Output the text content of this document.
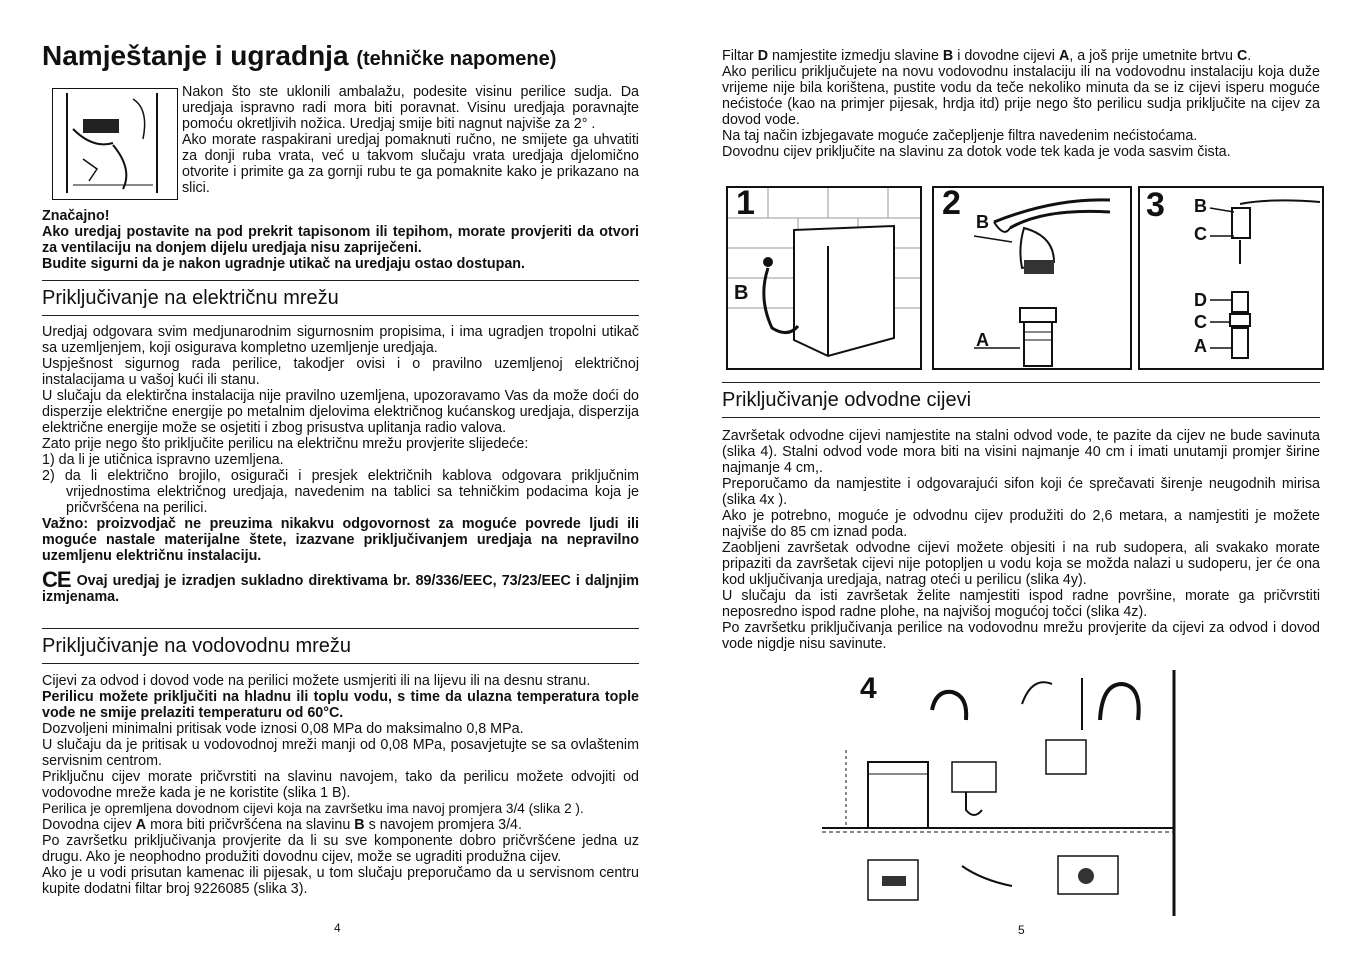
Namještanje i ugradnja (tehničke napomene)

Nakon što ste uklonili ambalažu, podesite visinu perilice sudja. Da uredjaja ispravno radi mora biti poravnat. Visinu uredjaja poravnajte pomoću okretljivih nožica. Uredjaj smije biti nagnut najviše za 2° .

Ako morate raspakirani uredjaj pomaknuti ručno, ne smijete ga uhvatiti za donji ruba vrata, već u takvom slučaju vrata uredjaja djelomično otvorite i primite ga za gornji rubu te ga pomaknite kako je prikazano na slici.

Značajno!

Ako uredjaj postavite na pod prekrit tapisonom ili tepihom, morate provjeriti da otvori za ventilaciju na donjem dijelu uredjaja nisu zapriječeni.

Budite sigurni da je nakon ugradnje utikač na uredjaju ostao dostupan.

Priključivanje na električnu mrežu

Uredjaj odgovara svim medjunarodnim sigurnosnim propisima, i ima ugradjen tropolni utikač sa uzemljenjem, koji osigurava kompletno uzemljenje uredjaja.

Uspješnost sigurnog rada perilice, takodjer ovisi i o pravilno uzemljenoj električnoj instalacijama u vašoj kući ili stanu.

U slučaju da elektirčna instalacija nije pravilno uzemljena, upozoravamo Vas da može doći do disperzije električne energije po metalnim djelovima električnog kućanskog uredjaja, disperzija električne energije može se osjetiti i zbog prisustva uplitanja radio valova.

Zato prije nego što priključite perilicu na električnu mrežu provjerite slijedeće:

1) da li je utičnica ispravno uzemljena.
2) da li električno brojilo, osigurači i presjek električnih kablova odgovara priključnim vrijednostima električnog uredjaja, navedenim na tablici sa tehničkim podacima koja je pričvršćena na perilici.

Važno: proizvodjač ne preuzima nikakvu odgovornost za moguće povrede ljudi ili moguće nastale materijalne štete, izazvane priključivanjem uredjaja na nepravilno uzemljenu električnu instalaciju.

CE Ovaj uredjaj je izradjen sukladno direktivama br. 89/336/EEC, 73/23/EEC i daljnjim izmjenama.

Priključivanje na vodovodnu mrežu

Cijevi za odvod i dovod vode na perilici možete usmjeriti ili na lijevu ili na desnu stranu.

Perilicu možete priključiti na hladnu ili toplu vodu, s time da ulazna temperatura tople vode ne smije prelaziti temperaturu od 60°C.

Dozvoljeni minimalni pritisak vode iznosi 0,08 MPa do maksimalno 0,8 MPa.

U slučaju da je pritisak u vodovodnoj mreži manji od 0,08 MPa, posavjetujte se sa ovlaštenim servisnim centrom.

Priključnu cijev morate pričvrstiti na slavinu navojem, tako da perilicu možete odvojiti od vodovodne mreže kada je ne koristite (slika 1 B).

Perilica je opremljena dovodnom cijevi koja na završetku ima navoj promjera 3/4 (slika 2 ).

Dovodna cijev A mora biti pričvršćena na slavinu B s navojem promjera 3/4.

Po završetku priključivanja provjerite da li su sve komponente dobro pričvršćene jedna uz drugu. Ako je neophodno produžiti dovodnu cijev, može se ugraditi produžna cijev.

Ako je u vodi prisutan kamenac ili pijesak, u tom slučaju preporučamo da u servisnom centru kupite dodatni filtar broj 9226085 (slika 3).

4

Filtar D namjestite izmedju slavine B i dovodne cijevi A, a još prije umetnite brtvu C.

Ako perilicu priključujete na novu vodovodnu instalaciju ili na vodovodnu instalaciju koja duže vrijeme nije bila korištena, pustite vodu da teče nekoliko minuta da se iz cijevi isperu moguće nećistoće (kao na primjer pijesak, hrdja itd) prije nego što perilicu sudja priključite na cijev za dovod vode.

Na taj način izbjegavate moguće začepljenje filtra navedenim nećistoćama.

Dovodnu cijev priključite na slavinu za dotok vode tek kada je voda sasvim čista.

1
B
2 B
A
3 B
C
D
C
A
Priključivanje odvodne cijevi

Završetak odvodne cijevi namjestite na stalni odvod vode, te pazite da cijev ne bude savinuta (slika 4). Stalni odvod vode mora biti na visini najmanje 40 cm i imati unutamji promjer širine najmanje 4 cm,.

Preporučamo da namjestite i odgovarajući sifon koji će sprečavati širenje neugodnih mirisa (slika 4x ).

Ako je potrebno, moguće je odvodnu cijev produžiti do 2,6 metara, a namjestiti je možete najviše do 85 cm iznad poda.

Zaobljeni završetak odvodne cijevi možete objesiti i na rub sudopera, ali svakako morate pripaziti da završetak cijevi nije potopljen u vodu koja se možda nalazi u sudoperu, jer će ona kod uključivanja uredjaja, natrag oteći u perilicu (slika 4y).

U slučaju da isti završetak želite namjestiti ispod radne površine, morate ga pričvrstiti neposredno ispod radne plohe, na najvišoj mogućoj točci (slika 4z).

Po završetku priključivanja perilice na vodovodnu mrežu provjerite da cijevi za odvod i dovod vode nigdje nisu savinute.

4
5
